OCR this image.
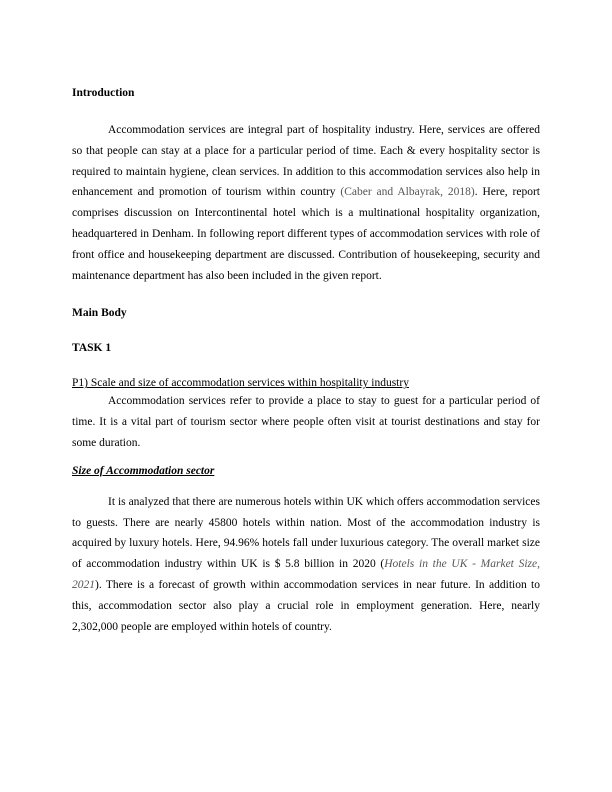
Introduction

Accommodation services are integral part of hospitality industry. Here, services are offered so that people can stay at a place for a particular period of time. Each & every hospitality sector is required to maintain hygiene, clean services. In addition to this accommodation services also help in enhancement and promotion of tourism within country (Caber and Albayrak, 2018). Here, report comprises discussion on Intercontinental hotel which is a multinational hospitality organization, headquartered in Denham. In following report different types of accommodation services with role of front office and housekeeping department are discussed. Contribution of housekeeping, security and maintenance department has also been included in the given report.

Main Body

TASK 1

P1) Scale and size of accommodation services within hospitality industry

Accommodation services refer to provide a place to stay to guest for a particular period of time. It is a vital part of tourism sector where people often visit at tourist destinations and stay for some duration.

Size of Accommodation sector

It is analyzed that there are numerous hotels within UK which offers accommodation services to guests. There are nearly 45800 hotels within nation. Most of the accommodation industry is acquired by luxury hotels. Here, 94.96% hotels fall under luxurious category. The overall market size of accommodation industry within UK is $ 5.8 billion in 2020 (Hotels in the UK - Market Size, 2021). There is a forecast of growth within accommodation services in near future. In addition to this, accommodation sector also play a crucial role in employment generation. Here, nearly 2,302,000 people are employed within hotels of country.
